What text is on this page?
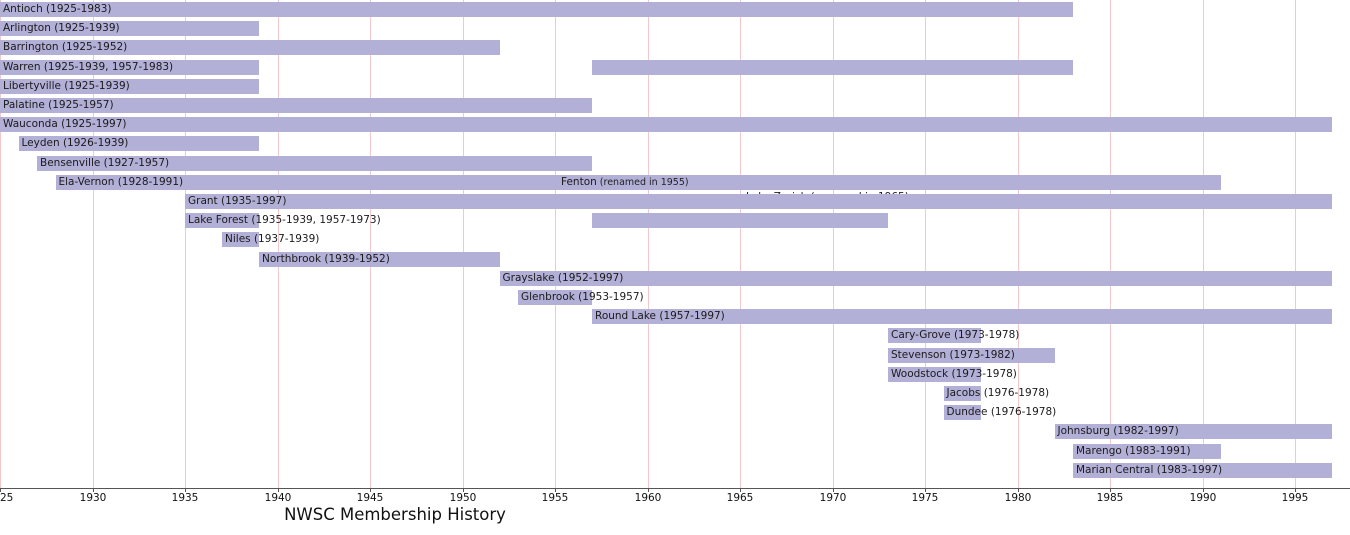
Antioch (1925-1983)
Arlington (1925-1939)
Barrington (1925-1952)
Warren (1925-1939, 1957-1983)
Libertyville (1925-1939)
Palatine (1925-1957)
Wauconda (1925-1997)
Leyden (1926-1939)
Bensenville (1927-1957)
Ela-Vernon (1928-1991)	Fenton (renamed in 1955)
Grant (1935-1997)
Lake Forest (1935-1939, 1957-1973)
Niles (1937-1939)
Northbrook (1939-1952)
Grayslake (1952-1997)
Glenbrook (1953-1957)
Round Lake (1957-1997)
Cary-Grove (1973-1978)
Stevenson (1973-1982)
Woodstock (1973-1978)
Jacobs (1976-1978)
Dundee (1976-1978)
Johnsburg (1982-1997)
Marengo (1983-1991)
Marian Central (1983-1997)
25	1930	1935	1940	1945	1950	1955	1960	1965	1970	1975	1980	1985	1990	1995
NWSC Membership History
